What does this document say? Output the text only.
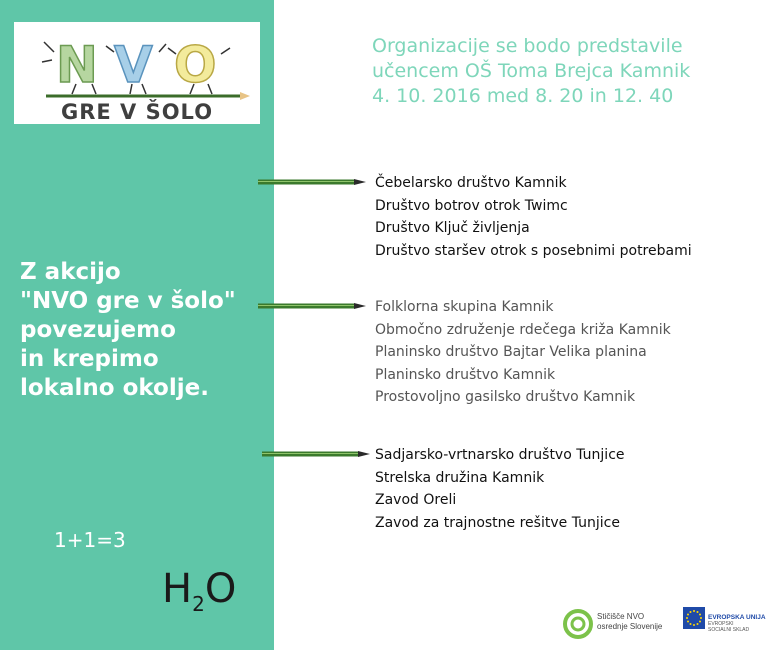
N V O
GRE V ŠOLO
Z akcijo
"NVO gre v šolo"
povezujemo
in krepimo
lokalno okolje.
1+1=3
$H_2O$
Organizacije se bodo predstavile
učencem OŠ Toma Brejca Kamnik
4. 10. 2016 med 8. 20 in 12. 40
Čebelarsko društvo Kamnik
Društvo botrov otrok Twimc
Društvo Ključ življenja
Društvo staršev otrok s posebnimi potrebami
Folklorna skupina Kamnik
Območno združenje rdečega križa Kamnik
Planinsko društvo Bajtar Velika planina
Planinsko društvo Kamnik
Prostovoljno gasilsko društvo Kamnik
Sadjarsko-vrtnarsko društvo Tunjice
Strelska družina Kamnik
Zavod Oreli
Zavod za trajnostne rešitve Tunjice
Stičišče NVO
osrednje Slovenije
EVROPSKA UNIJA
EVROPSKI
SOCIALNI SKLAD
